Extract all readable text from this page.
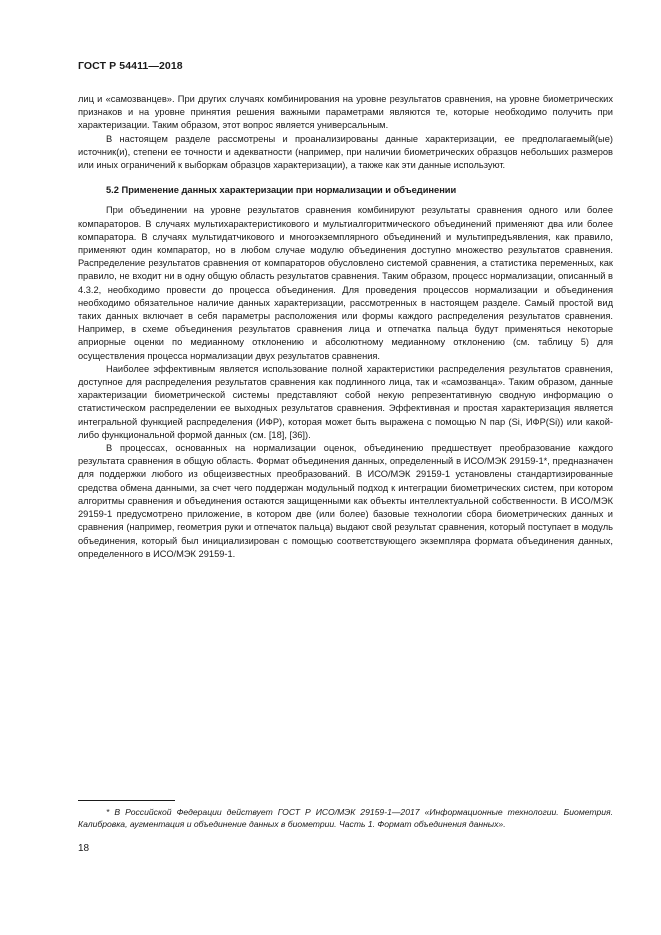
ГОСТ Р 54411—2018

лиц и «самозванцев». При других случаях комбинирования на уровне результатов сравнения, на уровне биометрических признаков и на уровне принятия решения важными параметрами являются те, которые необходимо получить при характеризации. Таким образом, этот вопрос является универсальным.

В настоящем разделе рассмотрены и проанализированы данные характеризации, ее предполагаемый(ые) источник(и), степени ее точности и адекватности (например, при наличии биометрических образцов небольших размеров или иных ограничений к выборкам образцов характеризации), а также как эти данные используют.

5.2 Применение данных характеризации при нормализации и объединении

При объединении на уровне результатов сравнения комбинируют результаты сравнения одного или более компараторов. В случаях мультихарактеристикового и мультиалгоритмического объединений применяют два или более компаратора. В случаях мультидатчикового и многоэкземплярного объединений и мультипредъявления, как правило, применяют один компаратор, но в любом случае модулю объединения доступно множество результатов сравнения. Распределение результатов сравнения от компараторов обусловлено системой сравнения, а статистика переменных, как правило, не входит ни в одну общую область результатов сравнения. Таким образом, процесс нормализации, описанный в 4.3.2, необходимо провести до процесса объединения. Для проведения процессов нормализации и объединения необходимо обязательное наличие данных характеризации, рассмотренных в настоящем разделе. Самый простой вид таких данных включает в себя параметры расположения или формы каждого распределения результатов сравнения. Например, в схеме объединения результатов сравнения лица и отпечатка пальца будут применяться некоторые априорные оценки по медианному отклонению и абсолютному медианному отклонению (см. таблицу 5) для осуществления процесса нормализации двух результатов сравнения.

Наиболее эффективным является использование полной характеристики распределения результатов сравнения, доступное для распределения результатов сравнения как подлинного лица, так и «самозванца». Таким образом, данные характеризации биометрической системы представляют собой некую репрезентативную сводную информацию о статистическом распределении ее выходных результатов сравнения. Эффективная и простая характеризация является интегральной функцией распределения (ИФР), которая может быть выражена с помощью N пар (Si, ИФР(Si)) или какой-либо функциональной формой данных (см. [18], [36]).

В процессах, основанных на нормализации оценок, объединению предшествует преобразование каждого результата сравнения в общую область. Формат объединения данных, определенный в ИСО/МЭК 29159-1*, предназначен для поддержки любого из общеизвестных преобразований. В ИСО/МЭК 29159-1 установлены стандартизированные средства обмена данными, за счет чего поддержан модульный подход к интеграции биометрических систем, при котором алгоритмы сравнения и объединения остаются защищенными как объекты интеллектуальной собственности. В ИСО/МЭК 29159-1 предусмотрено приложение, в котором две (или более) базовые технологии сбора биометрических данных и сравнения (например, геометрия руки и отпечаток пальца) выдают свой результат сравнения, который поступает в модуль объединения, который был инициализирован с помощью соответствующего экземпляра формата объединения данных, определенного в ИСО/МЭК 29159-1.

* В Российской Федерации действует ГОСТ Р ИСО/МЭК 29159-1—2017 «Информационные технологии. Биометрия. Калибровка, аугментация и объединение данных в биометрии. Часть 1. Формат объединения данных».
18
